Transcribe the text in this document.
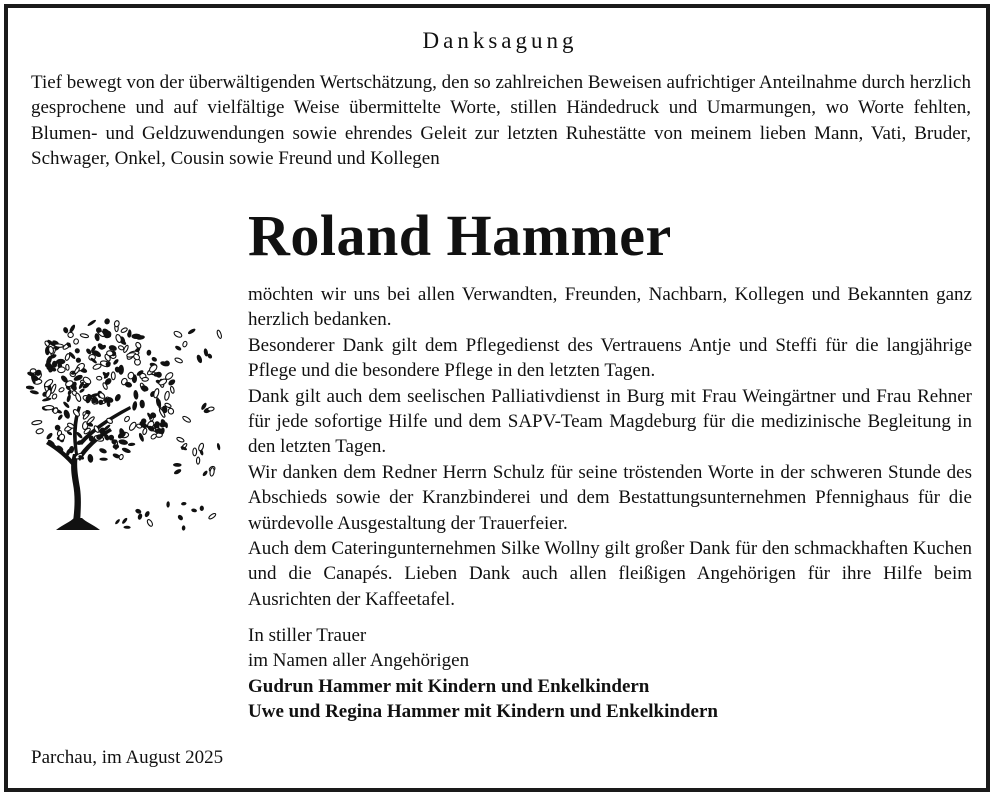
Danksagung
Tief bewegt von der überwältigenden Wertschätzung, den so zahlreichen Beweisen aufrichtiger Anteilnahme durch herzlich gesprochene und auf vielfältige Weise übermittelte Worte, stillen Händedruck und Umarmungen, wo Worte fehlten, Blumen- und Geldzuwendungen sowie ehrendes Geleit zur letzten Ruhestätte von meinem lieben Mann, Vati, Bruder, Schwager, Onkel, Cousin sowie Freund und Kollegen
Roland Hammer

möchten wir uns bei allen Verwandten, Freunden, Nachbarn, Kollegen und Bekannten ganz herzlich bedanken.

Besonderer Dank gilt dem Pflegedienst des Vertrauens Antje und Steffi für die langjährige Pflege und die besondere Pflege in den letzten Tagen.

Dank gilt auch dem seelischen Palliativdienst in Burg mit Frau Weingärtner und Frau Rehner für jede sofortige Hilfe und dem SAPV-Team Magdeburg für die medizinische Begleitung in den letzten Tagen.

Wir danken dem Redner Herrn Schulz für seine tröstenden Worte in der schweren Stunde des Abschieds sowie der Kranzbinderei und dem Bestattungsunternehmen Pfennighaus für die würdevolle Ausgestaltung der Trauerfeier.

Auch dem Cateringunternehmen Silke Wollny gilt großer Dank für den schmackhaften Kuchen und die Canapés. Lieben Dank auch allen fleißigen Angehörigen für ihre Hilfe beim Ausrichten der Kaffeetafel.

In stiller Trauer
im Namen aller Angehörigen
Gudrun Hammer mit Kindern und Enkelkindern
Uwe und Regina Hammer mit Kindern und Enkelkindern
Parchau, im August 2025
